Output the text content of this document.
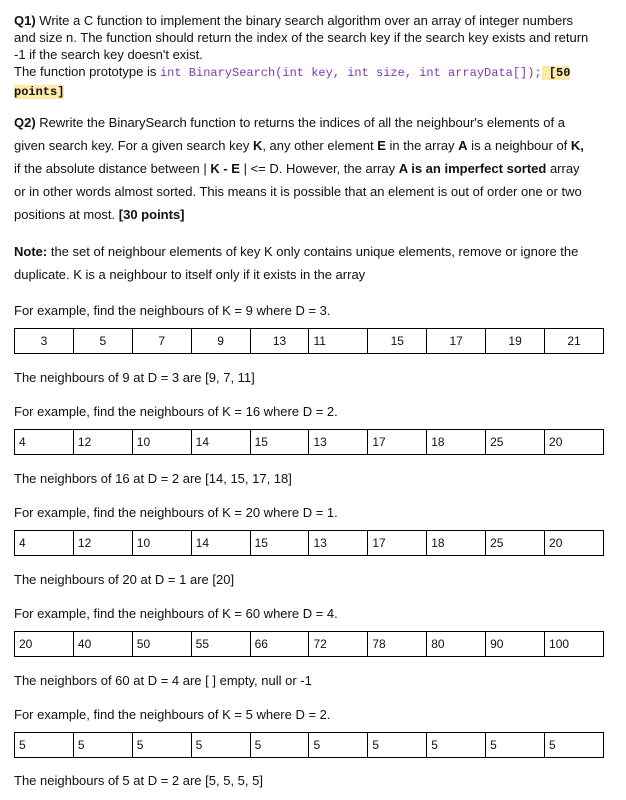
Q1) Write a C function to implement the binary search algorithm over an array of integer numbers
and size n. The function should return the index of the search key if the search key exists and return
-1 if the search key doesn't exist.
The function prototype is int BinarySearch(int key, int size, int arrayData[]); [50
points]
Q2) Rewrite the BinarySearch function to returns the indices of all the neighbour's elements of a
given search key. For a given search key K, any other element E in the array A is a neighbour of K,
if the absolute distance between | K - E | <= D. However, the array A is an imperfect sorted array
or in other words almost sorted. This means it is possible that an element is out of order one or two
positions at most. [30 points]
Note: the set of neighbour elements of key K only contains unique elements, remove or ignore the
duplicate. K is a neighbour to itself only if it exists in the array
For example, find the neighbours of K = 9 where D = 3.
3	5	7	9	13	11	15	17	19	21
The neighbours of 9 at D = 3 are [9, 7, 11]
For example, find the neighbours of K = 16 where D = 2.
4	12	10	14	15	13	17	18	25	20
The neighbors of 16 at D = 2 are [14, 15, 17, 18]
For example, find the neighbours of K = 20 where D = 1.
4	12	10	14	15	13	17	18	25	20
The neighbours of 20 at D = 1 are [20]
For example, find the neighbours of K = 60 where D = 4.
20	40	50	55	66	72	78	80	90	100
The neighbors of 60 at D = 4 are [ ] empty, null or -1
For example, find the neighbours of K = 5 where D = 2.
5	5	5	5	5	5	5	5	5	5
The neighbours of 5 at D = 2 are [5, 5, 5, 5]
